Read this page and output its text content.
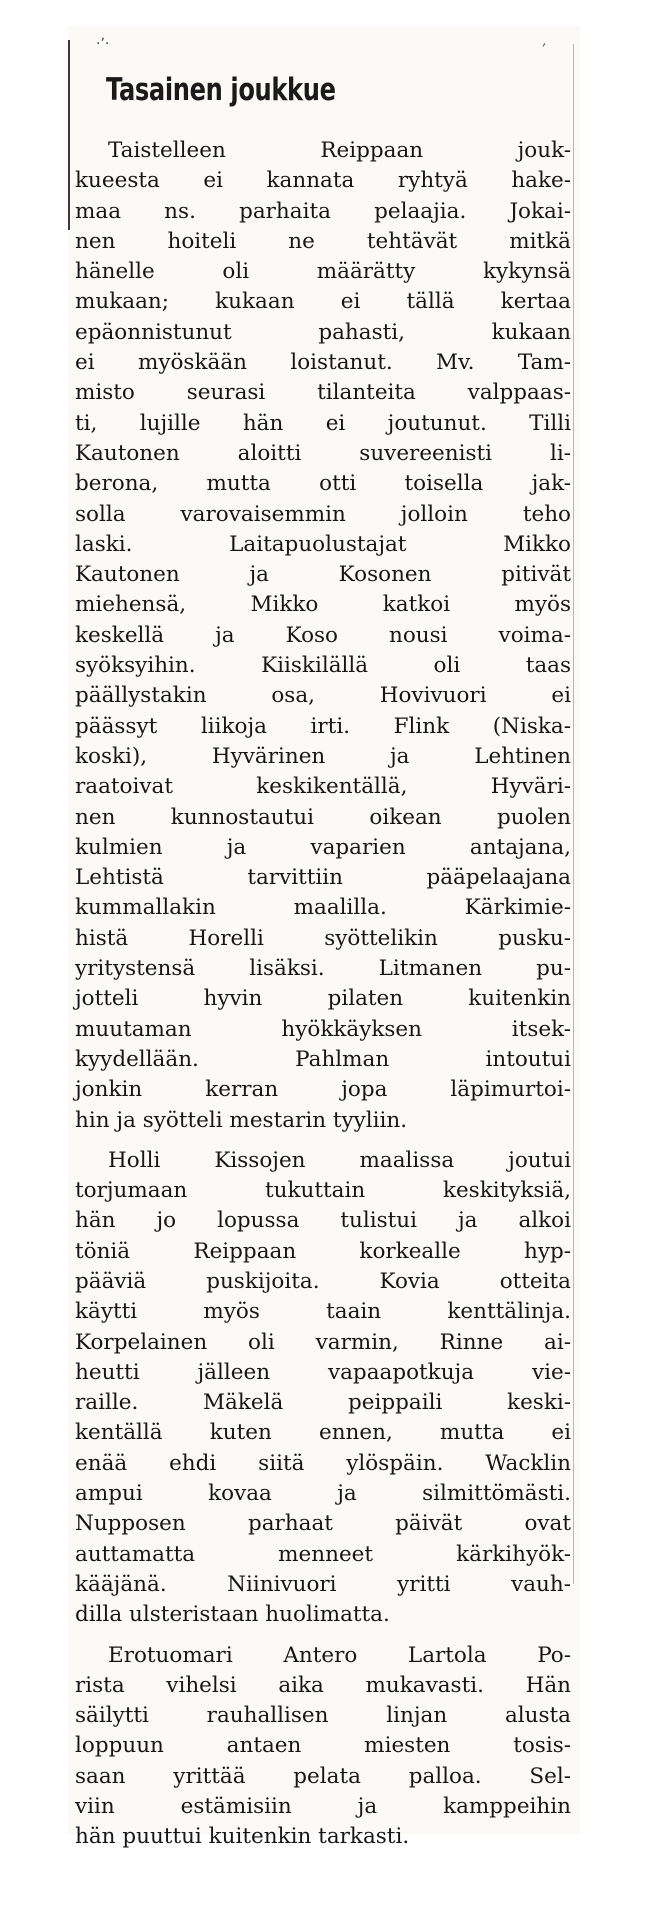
·ʼ·	′
Tasainen joukkue

Taistelleen Reippaan jouk-
kueesta ei kannata ryhtyä hake-
maa ns. parhaita pelaajia. Jokai-
nen hoiteli ne tehtävät mitkä
hänelle oli määrätty kykynsä
mukaan; kukaan ei tällä kertaa
epäonnistunut pahasti, kukaan
ei myöskään loistanut. Mv. Tam-
misto seurasi tilanteita valppaas-
ti, lujille hän ei joutunut. Tilli
Kautonen aloitti suvereenisti li-
berona, mutta otti toisella jak-
solla varovaisemmin jolloin teho
laski. Laitapuolustajat Mikko
Kautonen ja Kosonen pitivät
miehensä, Mikko katkoi myös
keskellä ja Koso nousi voima-
syöksyihin. Kiiskilällä oli taas
päällystakin osa, Hovivuori ei
päässyt liikoja irti. Flink (Niska-
koski), Hyvärinen ja Lehtinen
raatoivat keskikentällä, Hyväri-
nen kunnostautui oikean puolen
kulmien ja vaparien antajana,
Lehtistä tarvittiin pääpelaajana
kummallakin maalilla. Kärkimie-
histä Horelli syöttelikin pusku-
yritystensä lisäksi. Litmanen pu-
jotteli hyvin pilaten kuitenkin
muutaman hyökkäyksen itsek-
kyydellään. Pahlman intoutui
jonkin kerran jopa läpimurtoi-
hin ja syötteli mestarin tyyliin.

Holli Kissojen maalissa joutui
torjumaan tukuttain keskityksiä,
hän jo lopussa tulistui ja alkoi
töniä Reippaan korkealle hyp-
pääviä puskijoita. Kovia otteita
käytti myös taain kenttälinja.
Korpelainen oli varmin, Rinne ai-
heutti jälleen vapaapotkuja vie-
raille. Mäkelä peippaili keski-
kentällä kuten ennen, mutta ei
enää ehdi siitä ylöspäin. Wacklin
ampui kovaa ja silmittömästi.
Nupposen parhaat päivät ovat
auttamatta menneet kärkihyök-
kääjänä. Niinivuori yritti vauh-
dilla ulsteristaan huolimatta.

Erotuomari Antero Lartola Po-
rista vihelsi aika mukavasti. Hän
säilytti rauhallisen linjan alusta
loppuun antaen miesten tosis-
saan yrittää pelata palloa. Sel-
viin estämisiin ja kamppeihin
hän puuttui kuitenkin tarkasti.
